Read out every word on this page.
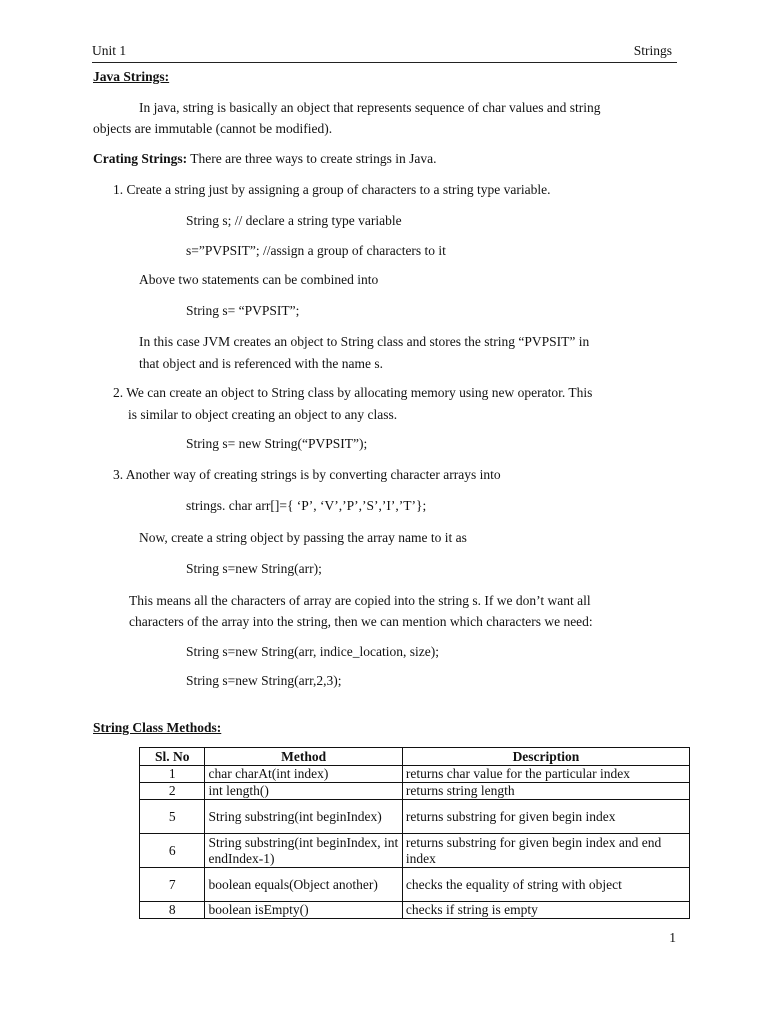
Unit 1	Strings
Java Strings:
In java, string is basically an object that represents sequence of char values and string
objects are immutable (cannot be modified).
Crating Strings: There are three ways to create strings in Java.
1. Create a string just by assigning a group of characters to a string type variable.
String s; // declare a string type variable
s=”PVPSIT”; //assign a group of characters to it
Above two statements can be combined into
String s= “PVPSIT”;
In this case JVM creates an object to String class and stores the string “PVPSIT” in
that object and is referenced with the name s.
2. We can create an object to String class by allocating memory using new operator. This
is similar to object creating an object to any class.
String s= new String(“PVPSIT”);
3. Another way of creating strings is by converting character arrays into
strings. char arr[]={ ‘P’, ‘V’,’P’,’S’,’I’,’T’};
Now, create a string object by passing the array name to it as
String s=new String(arr);
This means all the characters of array are copied into the string s. If we don’t want all
characters of the array into the string, then we can mention which characters we need:
String s=new String(arr, indice_location, size);
String s=new String(arr,2,3);
String Class Methods:
Sl. No	Method	Description
1	char charAt(int index)	returns char value for the particular index
2	int length()	returns string length
5	String substring(int beginIndex)	returns substring for given begin index
6	String substring(int beginIndex, int endIndex-1)	returns substring for given begin index and end index
7	boolean equals(Object another)	checks the equality of string with object
8	boolean isEmpty()	checks if string is empty
1
